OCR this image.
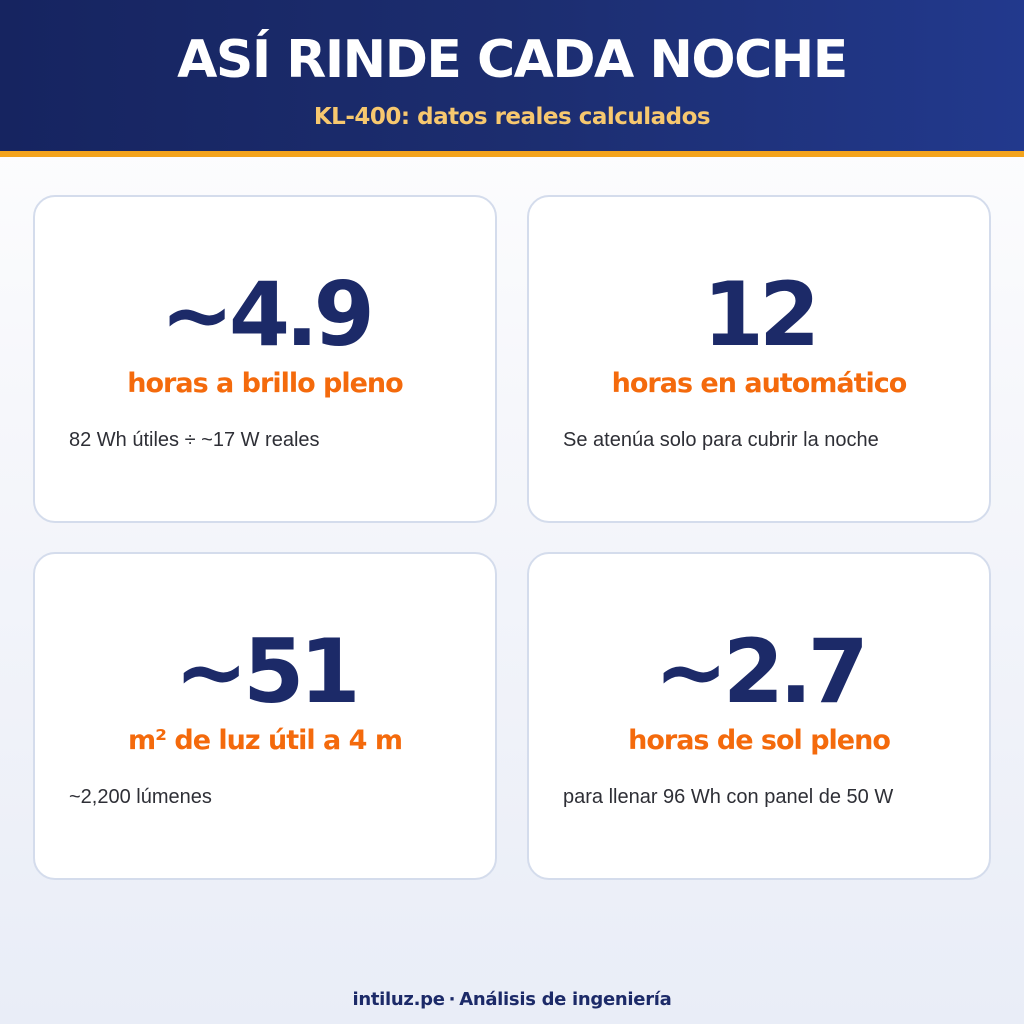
ASÍ RINDE CADA NOCHE
KL-400: datos reales calculados
~4.9
horas a brillo pleno
82 Wh útiles ÷ ~17 W reales
12
horas en automático
Se atenúa solo para cubrir la noche
~51
m² de luz útil a 4 m
~2,200 lúmenes
~2.7
horas de sol pleno
para llenar 96 Wh con panel de 50 W
intiluz.pe · Análisis de ingeniería
